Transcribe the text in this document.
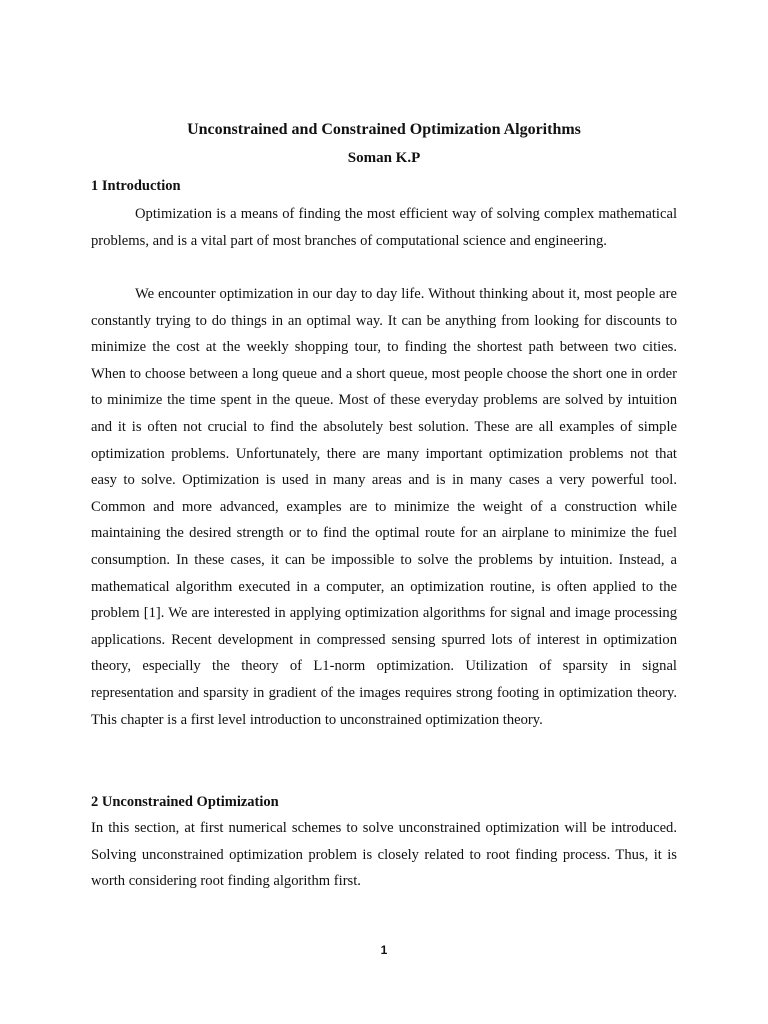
Unconstrained and Constrained Optimization Algorithms

Soman K.P

1 Introduction

Optimization is a means of finding the most efficient way of solving complex mathematical problems, and is a vital part of most branches of computational science and engineering.

We encounter optimization in our day to day life. Without thinking about it, most people are constantly trying to do things in an optimal way. It can be anything from looking for discounts to minimize the cost at the weekly shopping tour, to finding the shortest path between two cities. When to choose between a long queue and a short queue, most people choose the short one in order to minimize the time spent in the queue. Most of these everyday problems are solved by intuition and it is often not crucial to find the absolutely best solution. These are all examples of simple optimization problems. Unfortunately, there are many important optimization problems not that easy to solve. Optimization is used in many areas and is in many cases a very powerful tool. Common and more advanced, examples are to minimize the weight of a construction while maintaining the desired strength or to find the optimal route for an airplane to minimize the fuel consumption. In these cases, it can be impossible to solve the problems by intuition. Instead, a mathematical algorithm executed in a computer, an optimization routine, is often applied to the problem [1]. We are interested in applying optimization algorithms for signal and image processing applications. Recent development in compressed sensing spurred lots of interest in optimization theory, especially the theory of L1-norm optimization. Utilization of sparsity in signal representation and sparsity in gradient of the images requires strong footing in optimization theory. This chapter is a first level introduction to unconstrained optimization theory.

2 Unconstrained Optimization

In this section, at first numerical schemes to solve unconstrained optimization will be introduced. Solving unconstrained optimization problem is closely related to root finding process. Thus, it is worth considering root finding algorithm first.

1
